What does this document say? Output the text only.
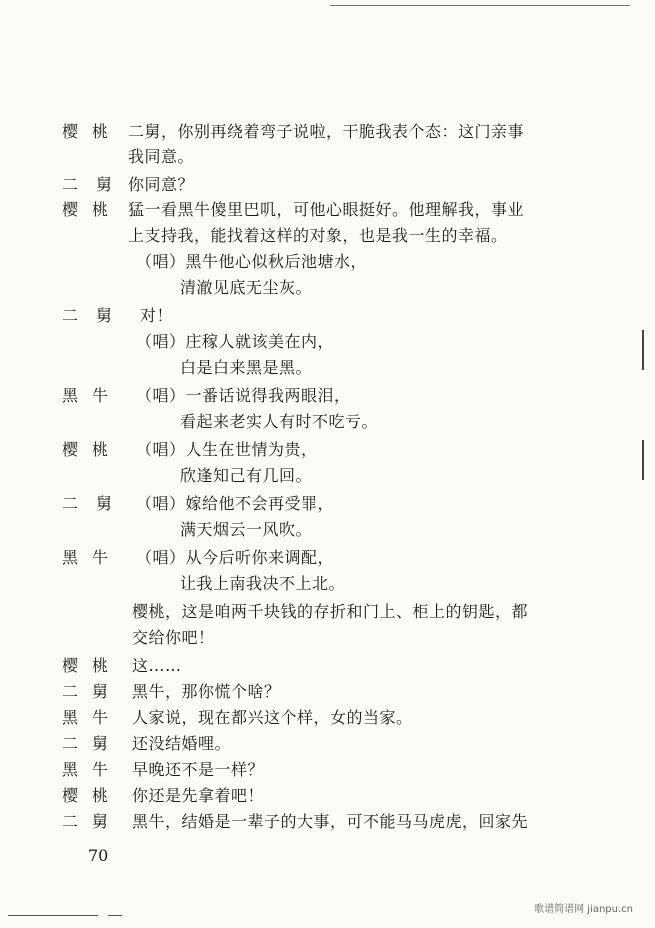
樱桃 二舅，你别再绕着弯子说啦，干脆我表个态：这门亲事
我同意。
二舅
你同意？
樱桃 猛一看黑牛傻里巴叽，可他心眼挺好。他理解我，事业
上支持我，能找着这样的对象，也是我一生的幸福。
（唱）黑牛他心似秋后池塘水，
清澈见底无尘灰。
二舅 对！
（唱）庄稼人就该美在内，
白是白来黑是黑。
黑牛 （唱）一番话说得我两眼泪，
看起来老实人有时不吃亏。
樱桃 （唱）人生在世情为贵，
欣逢知己有几回。
二舅 （唱）嫁给他不会再受罪，
满天烟云一风吹。
黑牛 （唱）从今后听你来调配，
让我上南我决不上北。
樱桃，这是咱两千块钱的存折和门上、柜上的钥匙，都
交给你吧！
樱桃 这……
二舅 黑牛，那你慌个啥？
黑牛 人家说，现在都兴这个样，女的当家。
二舅 还没结婚哩。
黑牛 早晚还不是一样？
樱桃 你还是先拿着吧！
二舅 黑牛，结婚是一辈子的大事，可不能马马虎虎，回家先
70
歌谱简谱网 jianpu.cn
